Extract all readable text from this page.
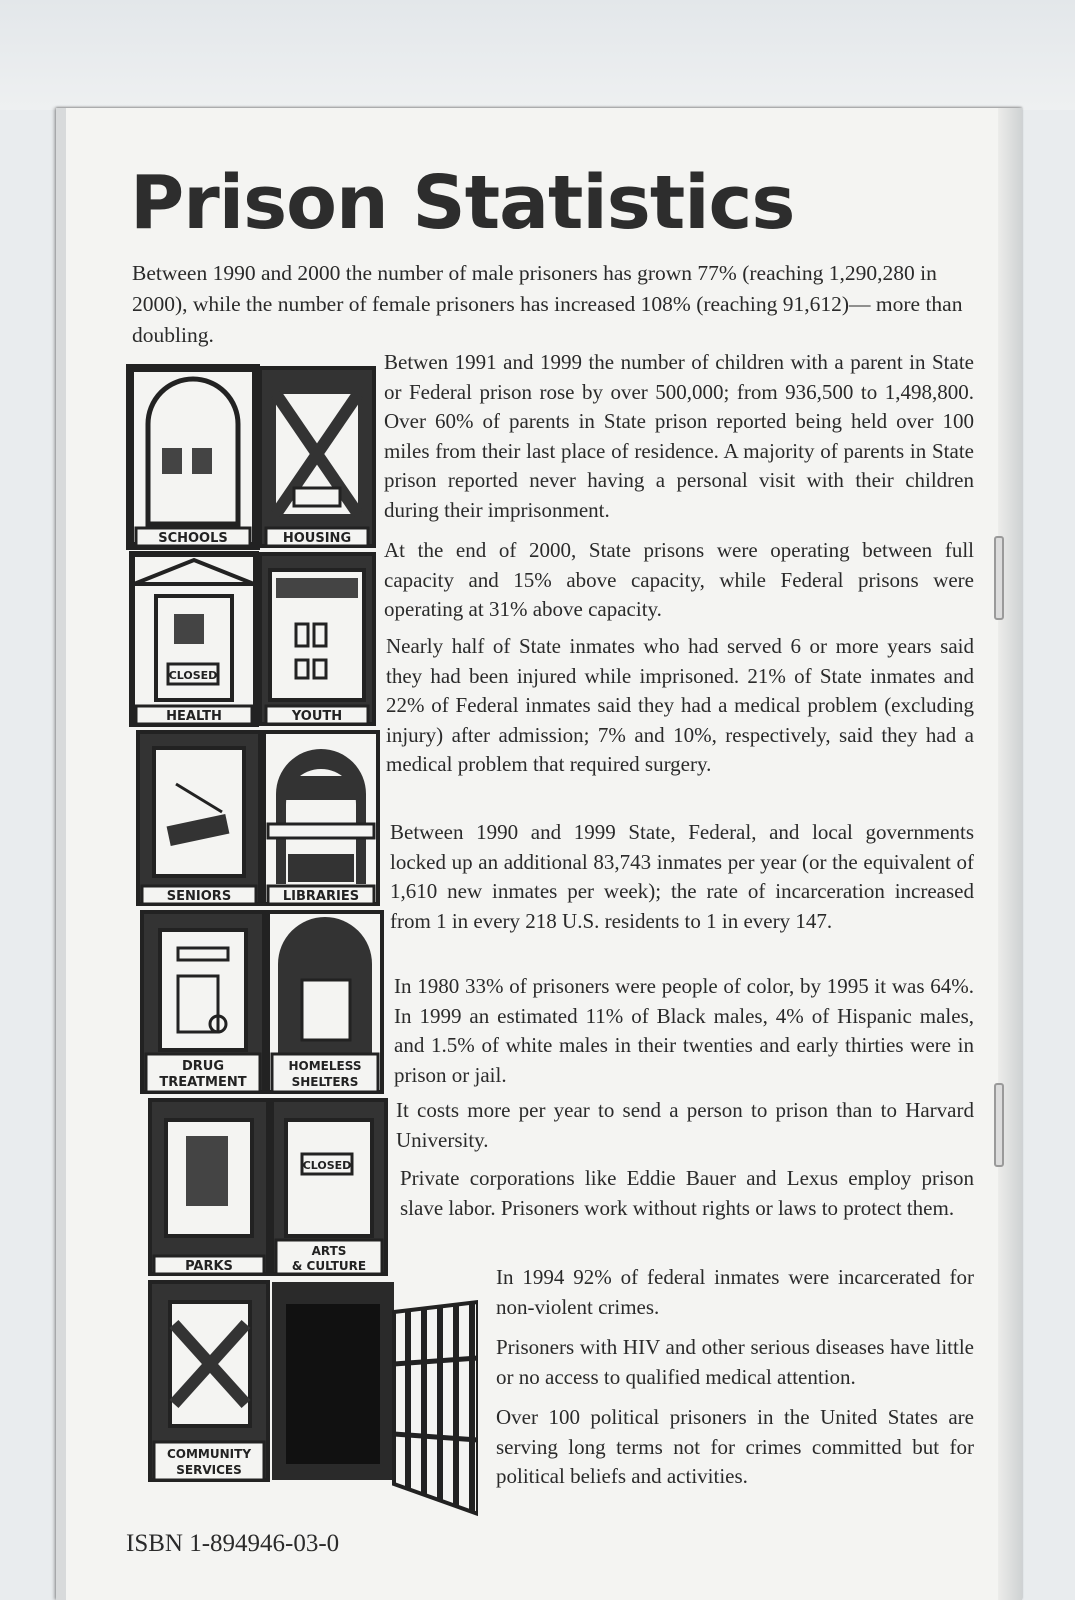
Prison Statistics

Between 1990 and 2000 the number of male prisoners has grown 77% (reaching 1,290,280 in 2000), while the number of female prisoners has increased 108% (reaching 91,612)— more than doubling.

SCHOOLS	HOUSING
CLOSED
HEALTH	YOUTH
SENIORS	LIBRARIES
DRUG
TREATMENT
HOMELESS
SHELTERS
PARKS
CLOSED
ARTS
& CULTURE
COMMUNITY
SERVICES

Betwen 1991 and 1999 the number of children with a parent in State or Federal prison rose by over 500,000; from 936,500 to 1,498,800. Over 60% of parents in State prison reported being held over 100 miles from their last place of residence. A majority of parents in State prison reported never having a personal visit with their children during their imprisonment.

At the end of 2000, State prisons were operating between full capacity and 15% above capacity, while Federal prisons were operating at 31% above capacity.

Nearly half of State inmates who had served 6 or more years said they had been injured while imprisoned. 21% of State inmates and 22% of Federal inmates said they had a medical problem (excluding injury) after admission; 7% and 10%, respectively, said they had a medical problem that required surgery.

Between 1990 and 1999 State, Federal, and local governments locked up an additional 83,743 inmates per year (or the equivalent of 1,610 new inmates per week); the rate of incarceration increased from 1 in every 218 U.S. residents to 1 in every 147.

In 1980 33% of prisoners were people of color, by 1995 it was 64%. In 1999 an estimated 11% of Black males, 4% of Hispanic males, and 1.5% of white males in their twenties and early thirties were in prison or jail.

It costs more per year to send a person to prison than to Harvard University.

Private corporations like Eddie Bauer and Lexus employ prison slave labor. Prisoners work without rights or laws to protect them.

In 1994 92% of federal inmates were incarcerated for non-violent crimes.

Prisoners with HIV and other serious diseases have little or no access to qualified medical attention.

Over 100 political prisoners in the United States are serving long terms not for crimes committed but for political beliefs and activities.

ISBN 1-894946-03-0
